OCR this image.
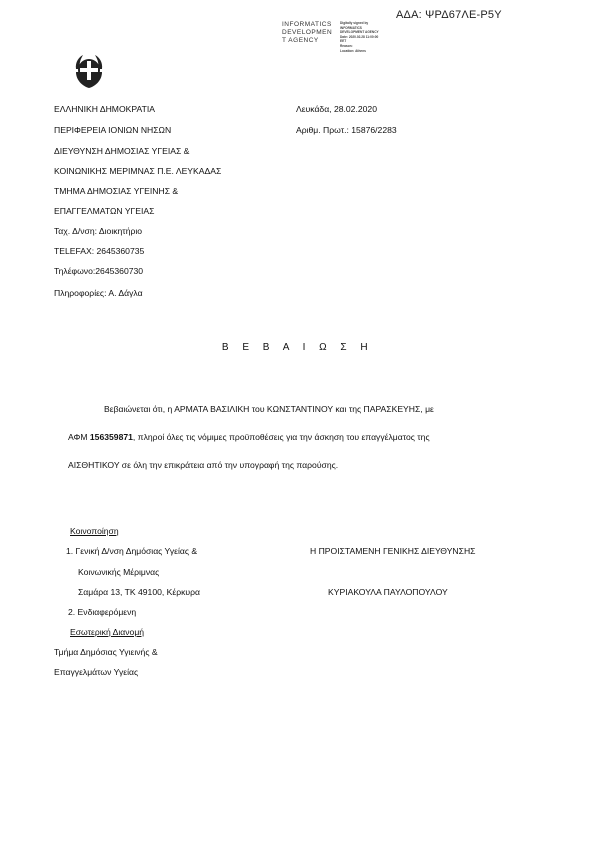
ΑΔΑ: ΨΡΔ67ΛΕ-Ρ5Υ
INFORMATICS
DEVELOPMEN
T AGENCY
Digitally signed by
INFORMATICS
DEVELOPMENT AGENCY
Date: 2020.02.28 11:00:00
EET
Reason:
Location: Athens
ΕΛΛΗΝΙΚΗ ΔΗΜΟΚΡΑΤΙΑ
ΠΕΡΙΦΕΡΕΙΑ ΙΟΝΙΩΝ ΝΗΣΩΝ
ΔΙΕΥΘΥΝΣΗ ΔΗΜΟΣΙΑΣ ΥΓΕΙΑΣ &
ΚΟΙΝΩΝΙΚΗΣ ΜΕΡΙΜΝΑΣ Π.Ε. ΛΕΥΚΑΔΑΣ
ΤΜΗΜΑ ΔΗΜΟΣΙΑΣ ΥΓΕΙΝΗΣ &
ΕΠΑΓΓΕΛΜΑΤΩΝ ΥΓΕΙΑΣ
Ταχ. Δ/νση: Διοικητήριο
TELEFAX: 2645360735
Τηλέφωνο:2645360730
Πληροφορίες: Α. Δάγλα
Λευκάδα, 28.02.2020
Αριθμ. Πρωτ.: 15876/2283
Β Ε Β Α Ι Ω Σ Η
Βεβαιώνεται ότι, η ΑΡΜΑΤΑ ΒΑΣΙΛΙΚΗ του ΚΩΝΣΤΑΝΤΙΝΟΥ και της ΠΑΡΑΣΚΕΥΗΣ, με
ΑΦΜ 156359871, πληροί όλες τις νόμιμες προϋποθέσεις για την άσκηση του επαγγέλματος της
ΑΙΣΘΗΤΙΚΟΥ σε όλη την επικράτεια από την υπογραφή της παρούσης.
Κοινοποίηση
1. Γενική Δ/νση Δημόσιας Υγείας &
Κοινωνικής Μέριμνας
Σαμάρα 13, ΤΚ 49100, Κέρκυρα
2. Ενδιαφερόμενη
Εσωτερική Διανομή
Τμήμα Δημόσιας Υγιεινής &
Επαγγελμάτων Υγείας
Η ΠΡΟΙΣΤΑΜΕΝΗ ΓΕΝΙΚΗΣ ΔΙΕΥΘΥΝΣΗΣ
ΚΥΡΙΑΚΟΥΛΑ ΠΑΥΛΟΠΟΥΛΟΥ
